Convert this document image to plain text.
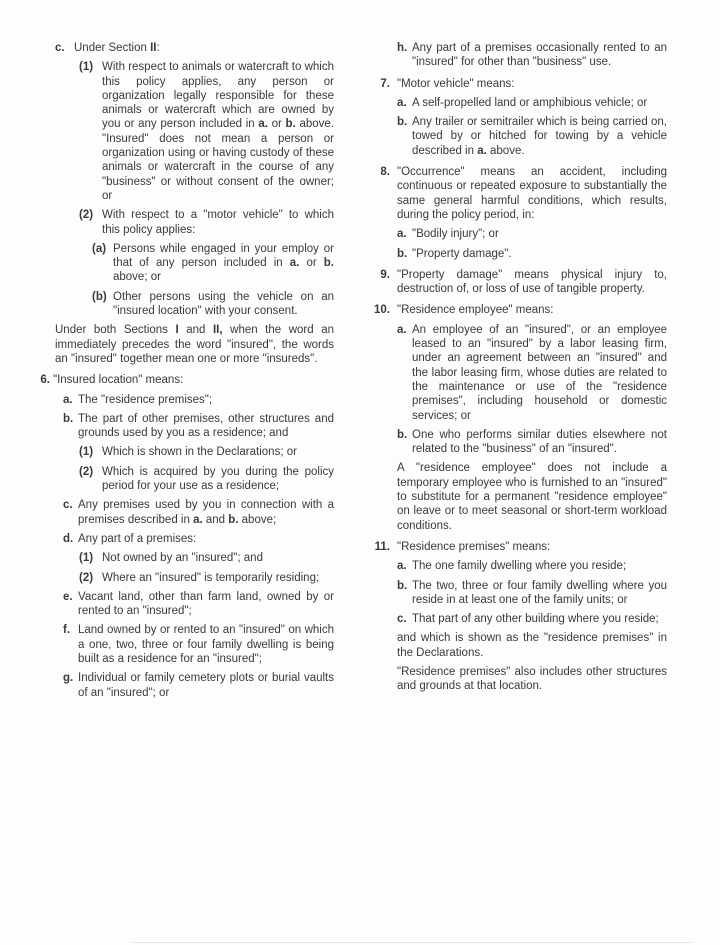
c. Under Section II:
(1) With respect to animals or watercraft to which this policy applies, any person or organization legally responsible for these animals or watercraft which are owned by you or any person included in a. or b. above. "Insured" does not mean a person or organization using or having custody of these animals or watercraft in the course of any "business" or without consent of the owner; or
(2) With respect to a "motor vehicle" to which this policy applies:
(a) Persons while engaged in your employ or that of any person included in a. or b. above; or
(b) Other persons using the vehicle on an "insured location" with your consent.
Under both Sections I and II, when the word an immediately precedes the word "insured", the words an "insured" together mean one or more "insureds".
6. "Insured location" means:
a. The "residence premises";
b. The part of other premises, other structures and grounds used by you as a residence; and
(1) Which is shown in the Declarations; or
(2) Which is acquired by you during the policy period for your use as a residence;
c. Any premises used by you in connection with a premises described in a. and b. above;
d. Any part of a premises:
(1) Not owned by an "insured"; and
(2) Where an "insured" is temporarily residing;
e. Vacant land, other than farm land, owned by or rented to an "insured";
f. Land owned by or rented to an "insured" on which a one, two, three or four family dwelling is being built as a residence for an "insured";
g. Individual or family cemetery plots or burial vaults of an "insured"; or
h. Any part of a premises occasionally rented to an "insured" for other than "business" use.
7. "Motor vehicle" means:
a. A self-propelled land or amphibious vehicle; or
b. Any trailer or semitrailer which is being carried on, towed by or hitched for towing by a vehicle described in a. above.
8. "Occurrence" means an accident, including continuous or repeated exposure to substantially the same general harmful conditions, which results, during the policy period, in:
a. "Bodily injury"; or
b. "Property damage".
9. "Property damage" means physical injury to, destruction of, or loss of use of tangible property.
10. "Residence employee" means:
a. An employee of an "insured", or an employee leased to an "insured" by a labor leasing firm, under an agreement between an "insured" and the labor leasing firm, whose duties are related to the maintenance or use of the "residence premises", including household or domestic services; or
b. One who performs similar duties elsewhere not related to the "business" of an "insured".
A "residence employee" does not include a temporary employee who is furnished to an "insured" to substitute for a permanent "residence employee" on leave or to meet seasonal or short-term workload conditions.
11. "Residence premises" means:
a. The one family dwelling where you reside;
b. The two, three or four family dwelling where you reside in at least one of the family units; or
c. That part of any other building where you reside;
and which is shown as the "residence premises" in the Declarations.
"Residence premises" also includes other structures and grounds at that location.
